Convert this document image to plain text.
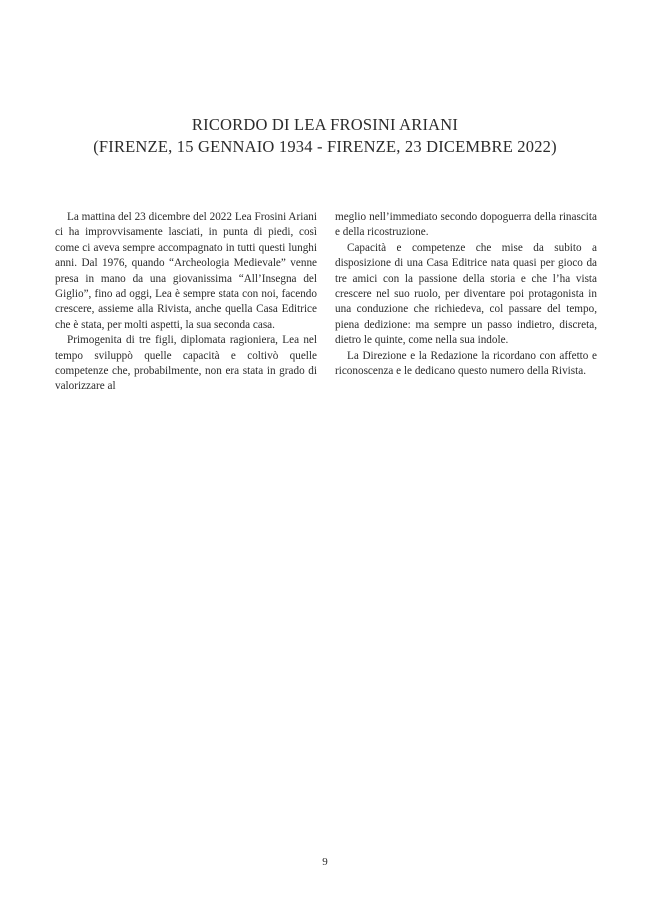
RICORDO DI LEA FROSINI ARIANI
(FIRENZE, 15 GENNAIO 1934 - FIRENZE, 23 DICEMBRE 2022)

La mattina del 23 dicembre del 2022 Lea Frosini Ariani ci ha improvvisamente lasciati, in punta di piedi, così come ci aveva sempre accompagnato in tutti questi lunghi anni. Dal 1976, quando “Archeologia Medievale” venne presa in mano da una giovanissima “All’Insegna del Giglio”, fino ad oggi, Lea è sempre stata con noi, facendo crescere, assieme alla Rivista, anche quella Casa Editrice che è stata, per molti aspetti, la sua seconda casa.

Primogenita di tre figli, diplomata ragioniera, Lea nel tempo sviluppò quelle capacità e coltivò quelle competenze che, probabilmente, non era stata in grado di valorizzare al

meglio nell’immediato secondo dopoguerra della rinascita e della ricostruzione.

Capacità e competenze che mise da subito a disposizione di una Casa Editrice nata quasi per gioco da tre amici con la passione della storia e che l’ha vista crescere nel suo ruolo, per diventare poi protagonista in una conduzione che richiedeva, col passare del tempo, piena dedizione: ma sempre un passo indietro, discreta, dietro le quinte, come nella sua indole.

La Direzione e la Redazione la ricordano con affetto e riconoscenza e le dedicano questo numero della Rivista.

9
